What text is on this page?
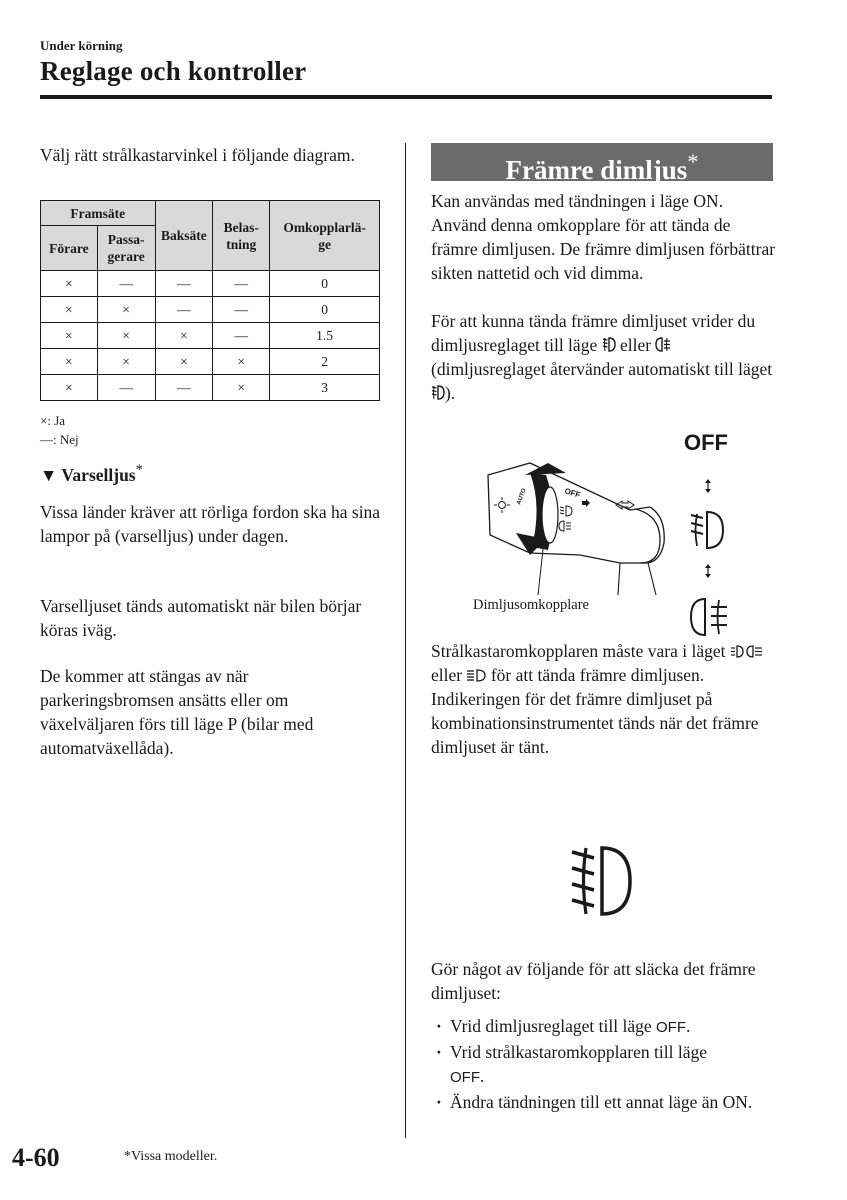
Under körning
Reglage och kontroller
Välj rätt strålkastarvinkel i följande diagram.
Framsäte		Baksäte	Belas-tning	Omkopplarlä-ge
Förare	Passa-gerare			
×	—	—	—	0
×	×	—	—	0
×	×	×	—	1.5
×	×	×	×	2
×	—	—	×	3
×: Ja
—: Nej
▼ Varselljus*
Vissa länder kräver att rörliga fordon ska ha sina lampor på (varselljus) under dagen.
Varselljuset tänds automatiskt när bilen börjar köras iväg.
De kommer att stängas av när parkeringsbromsen ansätts eller om växelväljaren förs till läge P (bilar med automatväxellåda).
Främre dimljus*
Kan användas med tändningen i läge ON. Använd denna omkopplare för att tända de främre dimljusen. De främre dimljusen förbättrar sikten nattetid och vid dimma.
För att kunna tända främre dimljuset vrider du dimljusreglaget till läge eller  (dimljusreglaget återvänder automatiskt till läget ).
OFF
AUTO
OFF
Dimljusomkopplare
Strålkastaromkopplaren måste vara i läget  eller för att tända främre dimljusen.
Indikeringen för det främre dimljuset på kombinationsinstrumentet tänds när det främre dimljuset är tänt.
Gör något av följande för att släcka det främre dimljuset:
· Vrid dimljusreglaget till läge OFF.
· Vrid strålkastaromkopplaren till läge
OFF.
· Ändra tändningen till ett annat läge än ON.
4-60	*Vissa modeller.
